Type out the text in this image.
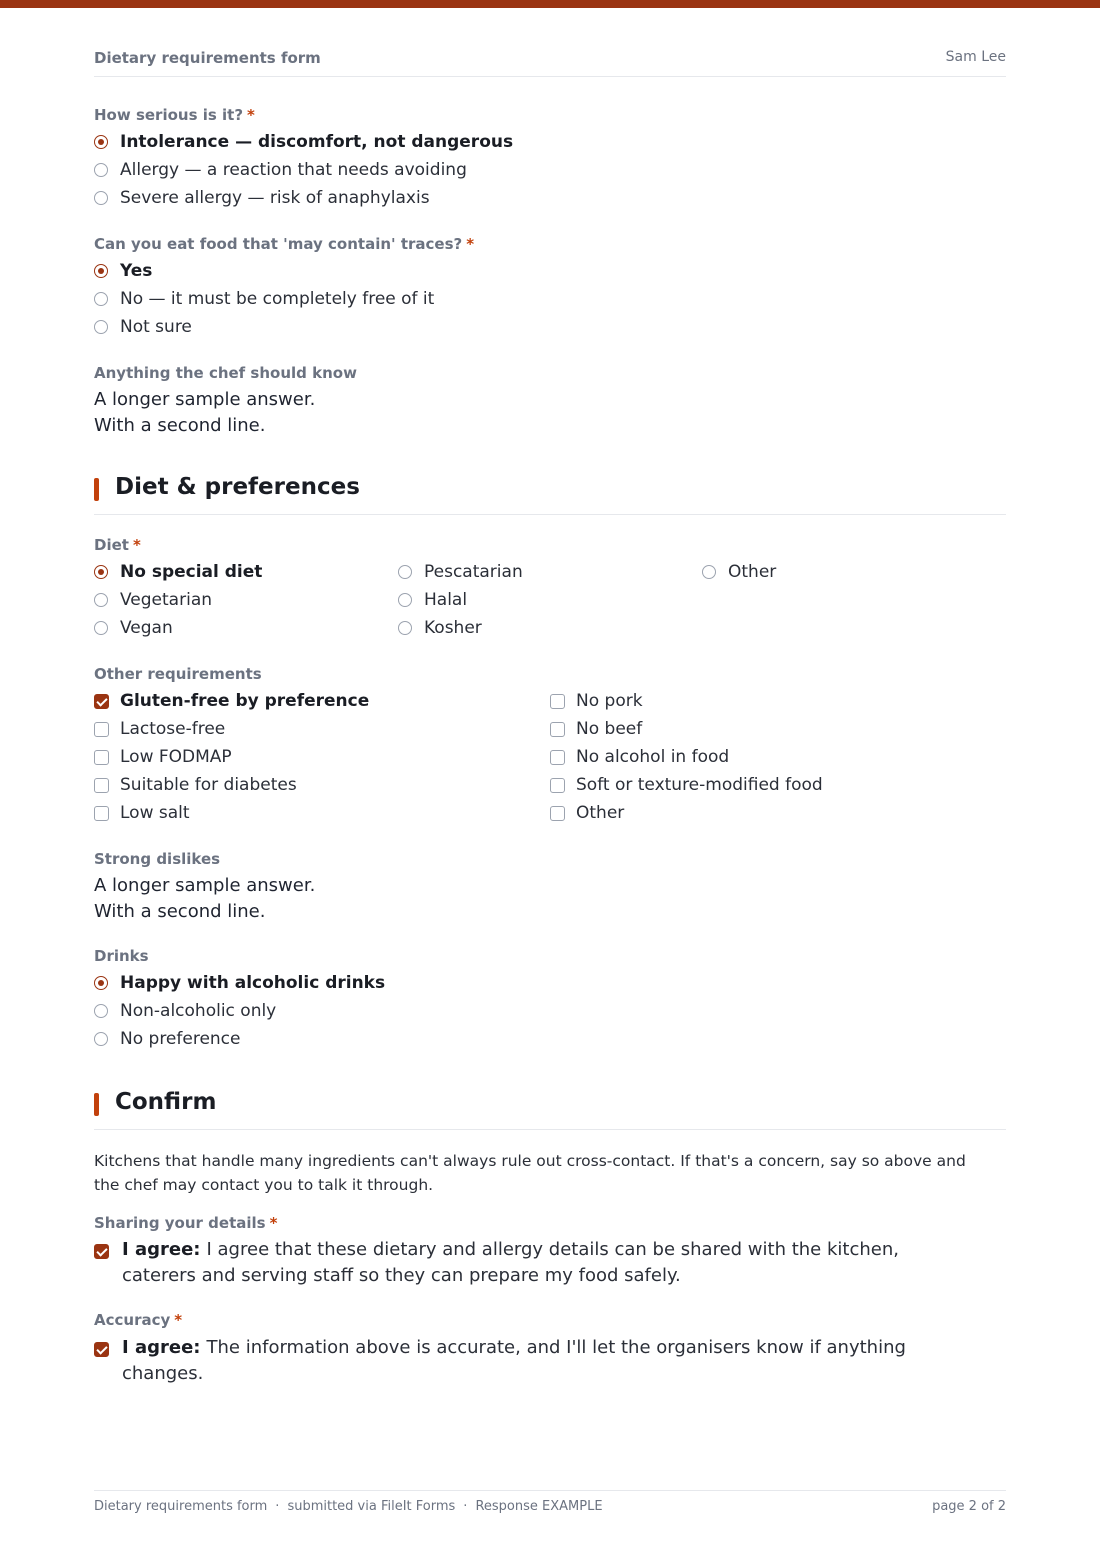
Dietary requirements form	Sam Lee
How serious is it? *
Intolerance — discomfort, not dangerous
Allergy — a reaction that needs avoiding
Severe allergy — risk of anaphylaxis
Can you eat food that 'may contain' traces? *
Yes
No — it must be completely free of it
Not sure
Anything the chef should know
A longer sample answer.
With a second line.
Diet & preferences
Diet *
No special diet
Vegetarian
Vegan
Pescatarian
Halal
Kosher
Other
Other requirements
Gluten-free by preference
Lactose-free
Low FODMAP
Suitable for diabetes
Low salt
No pork
No beef
No alcohol in food
Soft or texture-modified food
Other
Strong dislikes
A longer sample answer.
With a second line.
Drinks
Happy with alcoholic drinks
Non-alcoholic only
No preference
Confirm
Kitchens that handle many ingredients can't always rule out cross-contact. If that's a concern, say so above and the chef may contact you to talk it through.
Sharing your details *
I agree: I agree that these dietary and allergy details can be shared with the kitchen, caterers and serving staff so they can prepare my food safely.
Accuracy *
I agree: The information above is accurate, and I'll let the organisers know if anything changes.
Dietary requirements form · submitted via FileIt Forms · Response EXAMPLE	page 2 of 2
